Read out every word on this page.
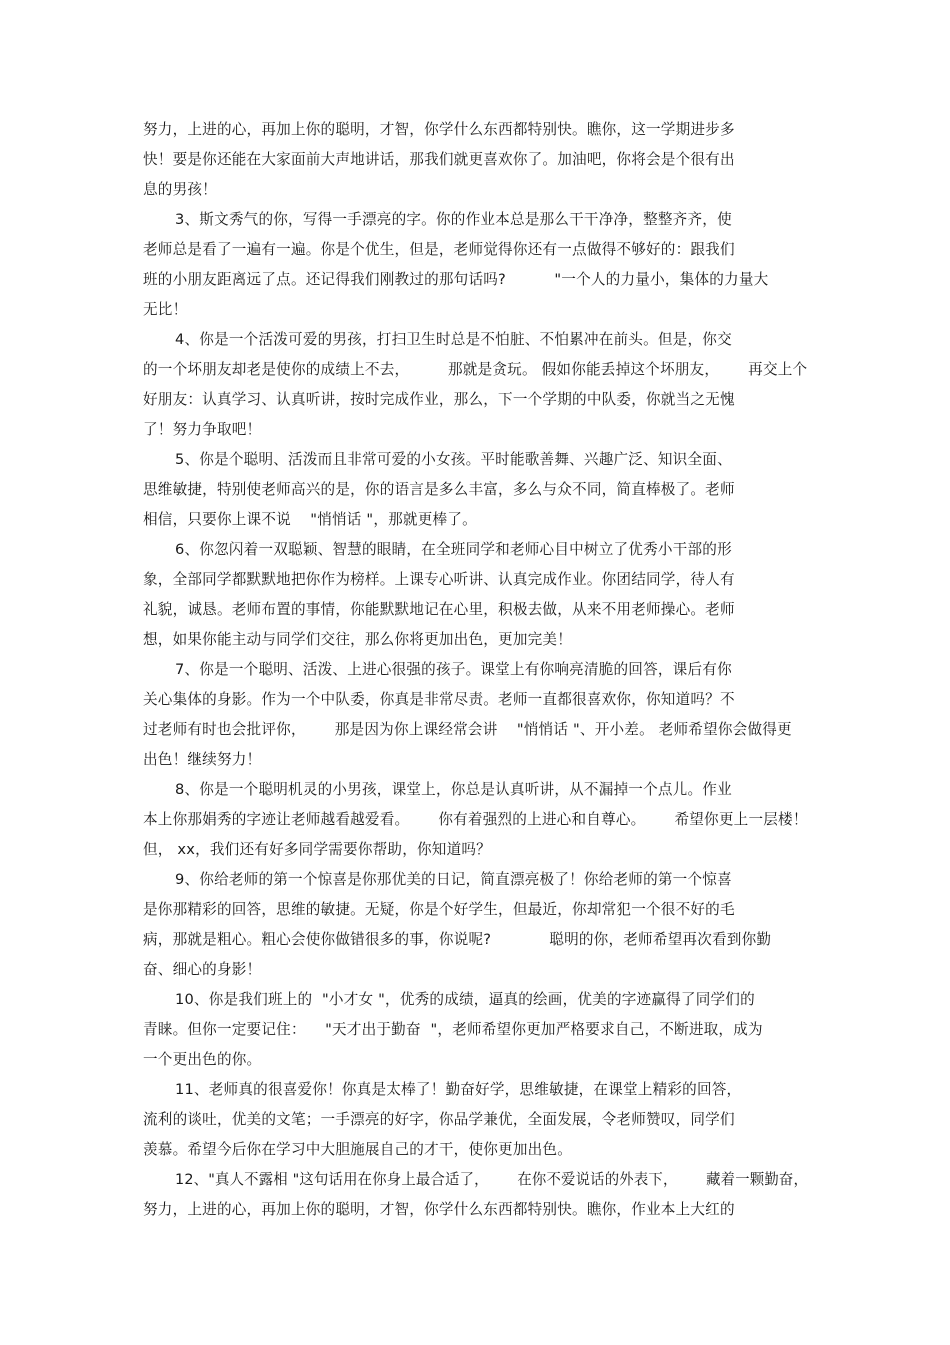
努力，上进的心，再加上你的聪明，才智，你学什么东西都特别快。瞧你，这一学期进步多
快！要是你还能在大家面前大声地讲话，那我们就更喜欢你了。加油吧，你将会是个很有出
息的男孩！
3、斯文秀气的你，写得一手漂亮的字。你的作业本总是那么干干净净，整整齐齐，使
老师总是看了一遍有一遍。你是个优生，但是，老师觉得你还有一点做得不够好的：跟我们
班的小朋友距离远了点。还记得我们刚教过的那句话吗?          "一个人的力量小，集体的力量大
无比！
4、你是一个活泼可爱的男孩，打扫卫生时总是不怕脏、不怕累冲在前头。但是，你交
的一个坏朋友却老是使你的成绩上不去，        那就是贪玩。 假如你能丢掉这个坏朋友，      再交上个
好朋友：认真学习、认真听讲，按时完成作业，那么，下一个学期的中队委，你就当之无愧
了！努力争取吧！
5、你是个聪明、活泼而且非常可爱的小女孩。平时能歌善舞、兴趣广泛、知识全面、
思维敏捷，特别使老师高兴的是，你的语言是多么丰富，多么与众不同，简直棒极了。老师
相信，只要你上课不说    "悄悄话 "，那就更棒了。
6、你忽闪着一双聪颖、智慧的眼睛，在全班同学和老师心目中树立了优秀小干部的形
象，全部同学都默默地把你作为榜样。上课专心听讲、认真完成作业。你团结同学，待人有
礼貌，诚恳。老师布置的事情，你能默默地记在心里，积极去做，从来不用老师操心。老师
想，如果你能主动与同学们交往，那么你将更加出色，更加完美！
7、你是一个聪明、活泼、上进心很强的孩子。课堂上有你响亮清脆的回答，课后有你
关心集体的身影。作为一个中队委，你真是非常尽责。老师一直都很喜欢你，你知道吗？不
过老师有时也会批评你，      那是因为你上课经常会讲    "悄悄话 "、开小差。 老师希望你会做得更
出色！继续努力！
8、你是一个聪明机灵的小男孩，课堂上，你总是认真听讲，从不漏掉一个点儿。作业
本上你那娟秀的字迹让老师越看越爱看。      你有着强烈的上进心和自尊心。      希望你更上一层楼！
但， xx，我们还有好多同学需要你帮助，你知道吗？
9、你给老师的第一个惊喜是你那优美的日记，简直漂亮极了！你给老师的第一个惊喜
是你那精彩的回答，思维的敏捷。无疑，你是个好学生，但最近，你却常犯一个很不好的毛
病，那就是粗心。粗心会使你做错很多的事，你说呢?            聪明的你，老师希望再次看到你勤
奋、细心的身影！
10、你是我们班上的  "小才女 "，优秀的成绩，逼真的绘画，优美的字迹赢得了同学们的
青睐。但你一定要记住：    "天才出于勤奋  "，老师希望你更加严格要求自己，不断进取，成为
一个更出色的你。
11、老师真的很喜爱你！你真是太棒了！勤奋好学，思维敏捷，在课堂上精彩的回答，
流利的谈吐，优美的文笔；一手漂亮的好字，你品学兼优，全面发展，令老师赞叹，同学们
羡慕。希望今后你在学习中大胆施展自己的才干，使你更加出色。
12、"真人不露相 "这句话用在你身上最合适了，      在你不爱说话的外表下，      藏着一颗勤奋，
努力，上进的心，再加上你的聪明，才智，你学什么东西都特别快。瞧你，作业本上大红的
